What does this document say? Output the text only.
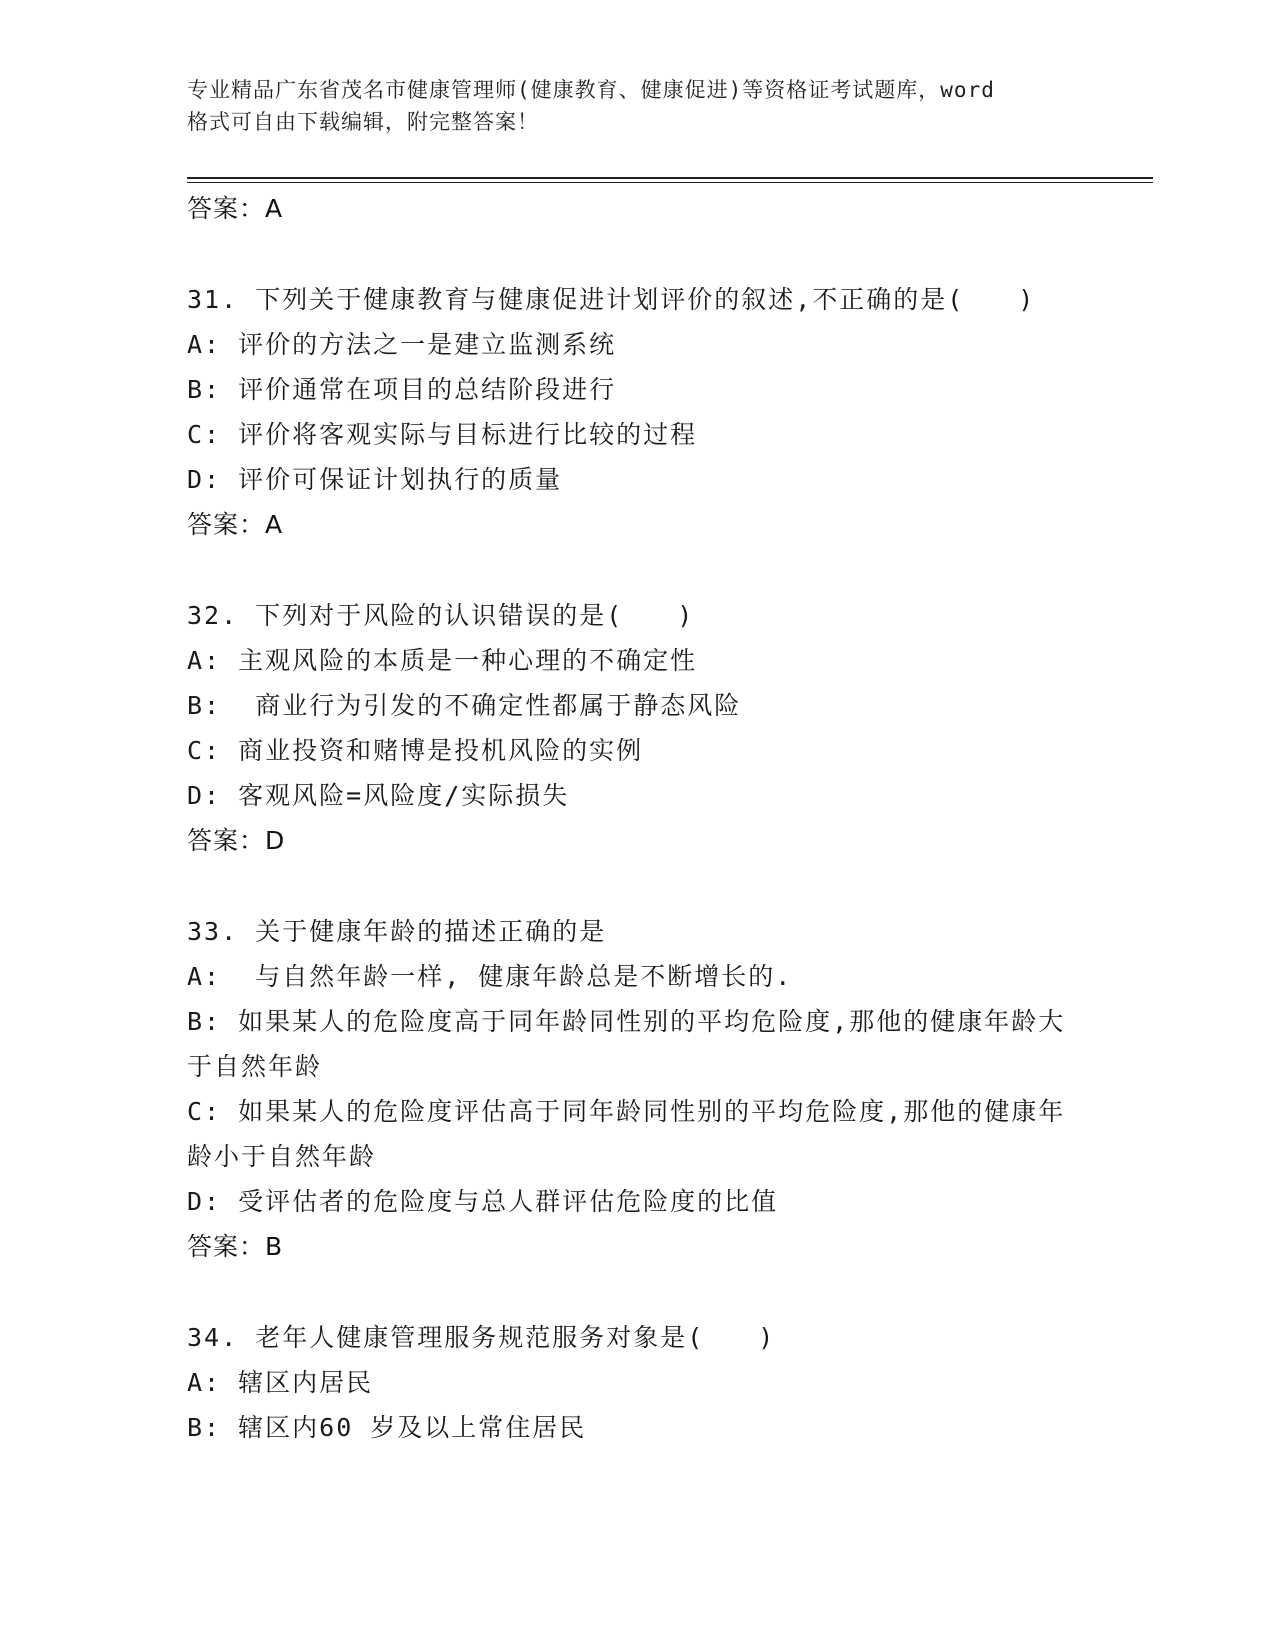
专业精品广东省茂名市健康管理师(健康教育、健康促进)等资格证考试题库，word
格式可自由下载编辑，附完整答案！
答案：A
31. 下列关于健康教育与健康促进计划评价的叙述,不正确的是(　　)
A: 评价的方法之一是建立监测系统
B: 评价通常在项目的总结阶段进行
C: 评价将客观实际与目标进行比较的过程
D: 评价可保证计划执行的质量
答案：A
32. 下列对于风险的认识错误的是(　　)
A: 主观风险的本质是一种心理的不确定性
B:  商业行为引发的不确定性都属于静态风险
C: 商业投资和赌博是投机风险的实例
D: 客观风险=风险度/实际损失
答案：D
33. 关于健康年龄的描述正确的是
A:  与自然年龄一样, 健康年龄总是不断增长的.
B: 如果某人的危险度高于同年龄同性别的平均危险度,那他的健康年龄大于自然年龄
C: 如果某人的危险度评估高于同年龄同性别的平均危险度,那他的健康年龄小于自然年龄
D: 受评估者的危险度与总人群评估危险度的比值
答案：B
34. 老年人健康管理服务规范服务对象是(　　)
A: 辖区内居民
B: 辖区内60 岁及以上常住居民
